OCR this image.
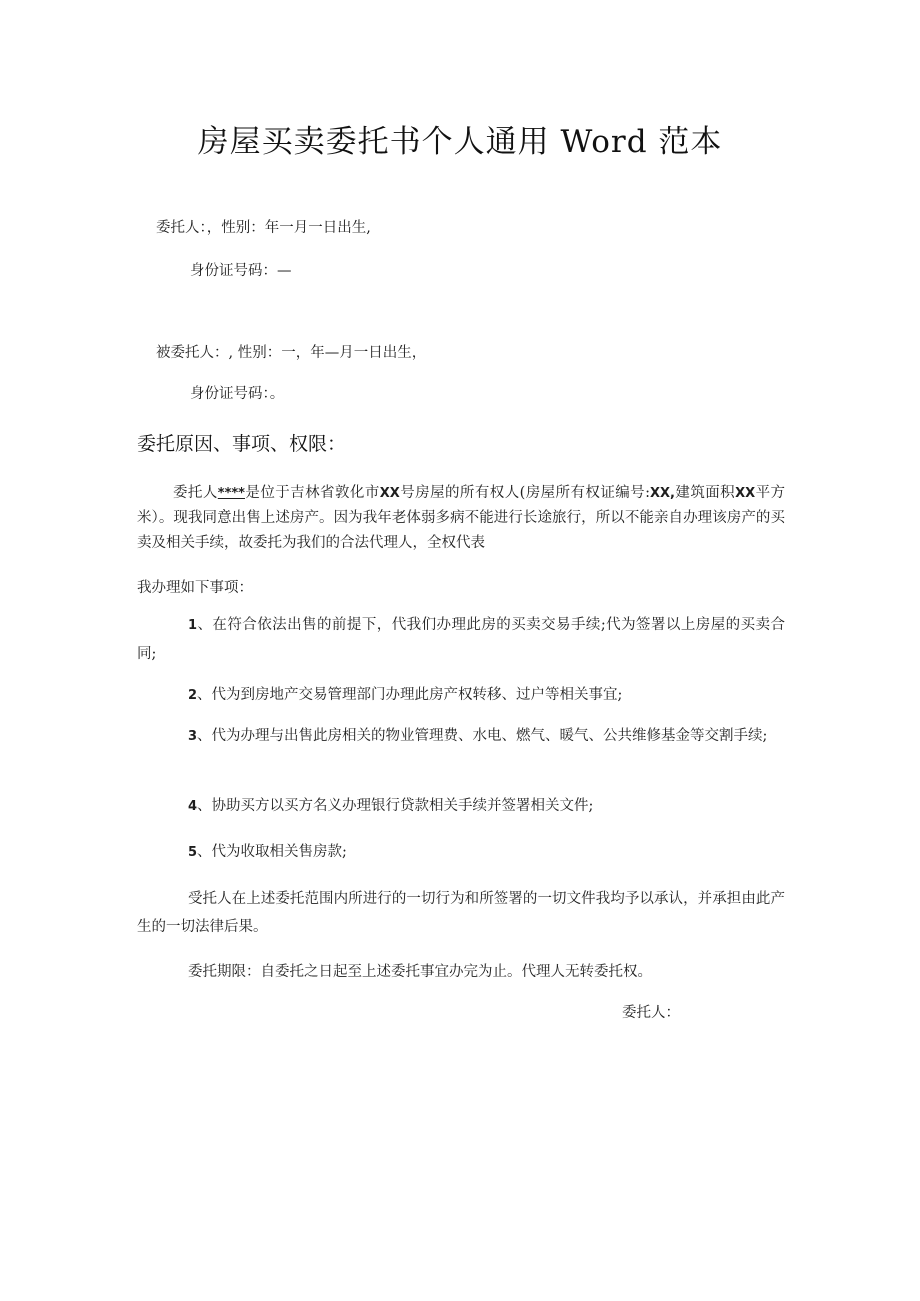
房屋买卖委托书个人通用 Word 范本
委托人：，性别：年一月一日出生,
身份证号码：—
被委托人：, 性别：一，年—月一日出生，
身份证号码：。
委托原因、事项、权限：
委托人****是位于吉林省敦化市XX号房屋的所有权人(房屋所有权证编号:XX,建筑面积XX平方米）。现我同意出售上述房产。因为我年老体弱多病不能进行长途旅行，所以不能亲自办理该房产的买卖及相关手续，故委托为我们的合法代理人，全权代表
我办理如下事项：
1、在符合依法出售的前提下，代我们办理此房的买卖交易手续;代为签署以上房屋的买卖合同;
2、代为到房地产交易管理部门办理此房产权转移、过户等相关事宜;
3、代为办理与出售此房相关的物业管理费、水电、燃气、暖气、公共维修基金等交割手续;
4、协助买方以买方名义办理银行贷款相关手续并签署相关文件;
5、代为收取相关售房款;
受托人在上述委托范围内所进行的一切行为和所签署的一切文件我均予以承认，并承担由此产生的一切法律后果。
委托期限：自委托之日起至上述委托事宜办完为止。代理人无转委托权。
委托人：
